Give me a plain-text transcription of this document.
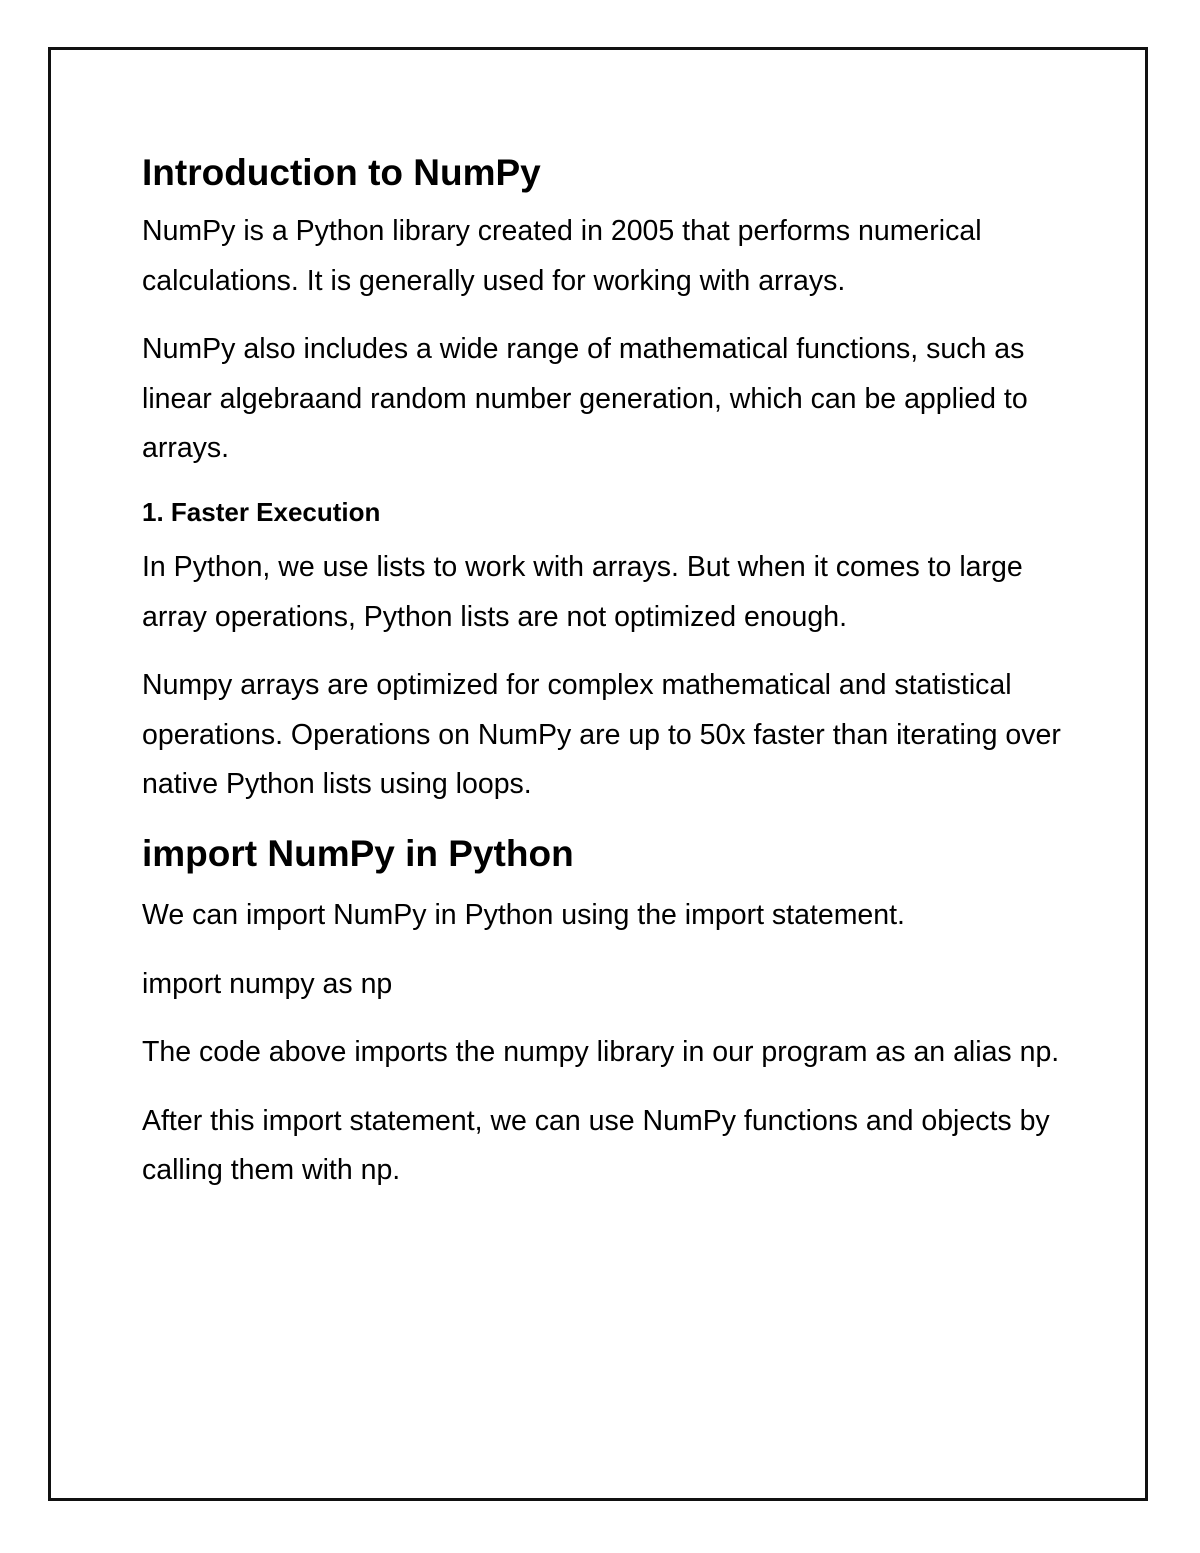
Introduction to NumPy
NumPy is a Python library created in 2005 that performs numerical calculations. It is generally used for working with arrays.
NumPy also includes a wide range of mathematical functions, such as linear algebraand random number generation, which can be applied to arrays.
1. Faster Execution
In Python, we use lists to work with arrays. But when it comes to large array operations, Python lists are not optimized enough.
Numpy arrays are optimized for complex mathematical and statistical operations. Operations on NumPy are up to 50x faster than iterating over native Python lists using loops.
import NumPy in Python
We can import NumPy in Python using the import statement.
import numpy as np
The code above imports the numpy library in our program as an alias np.
After this import statement, we can use NumPy functions and objects by calling them with np.
